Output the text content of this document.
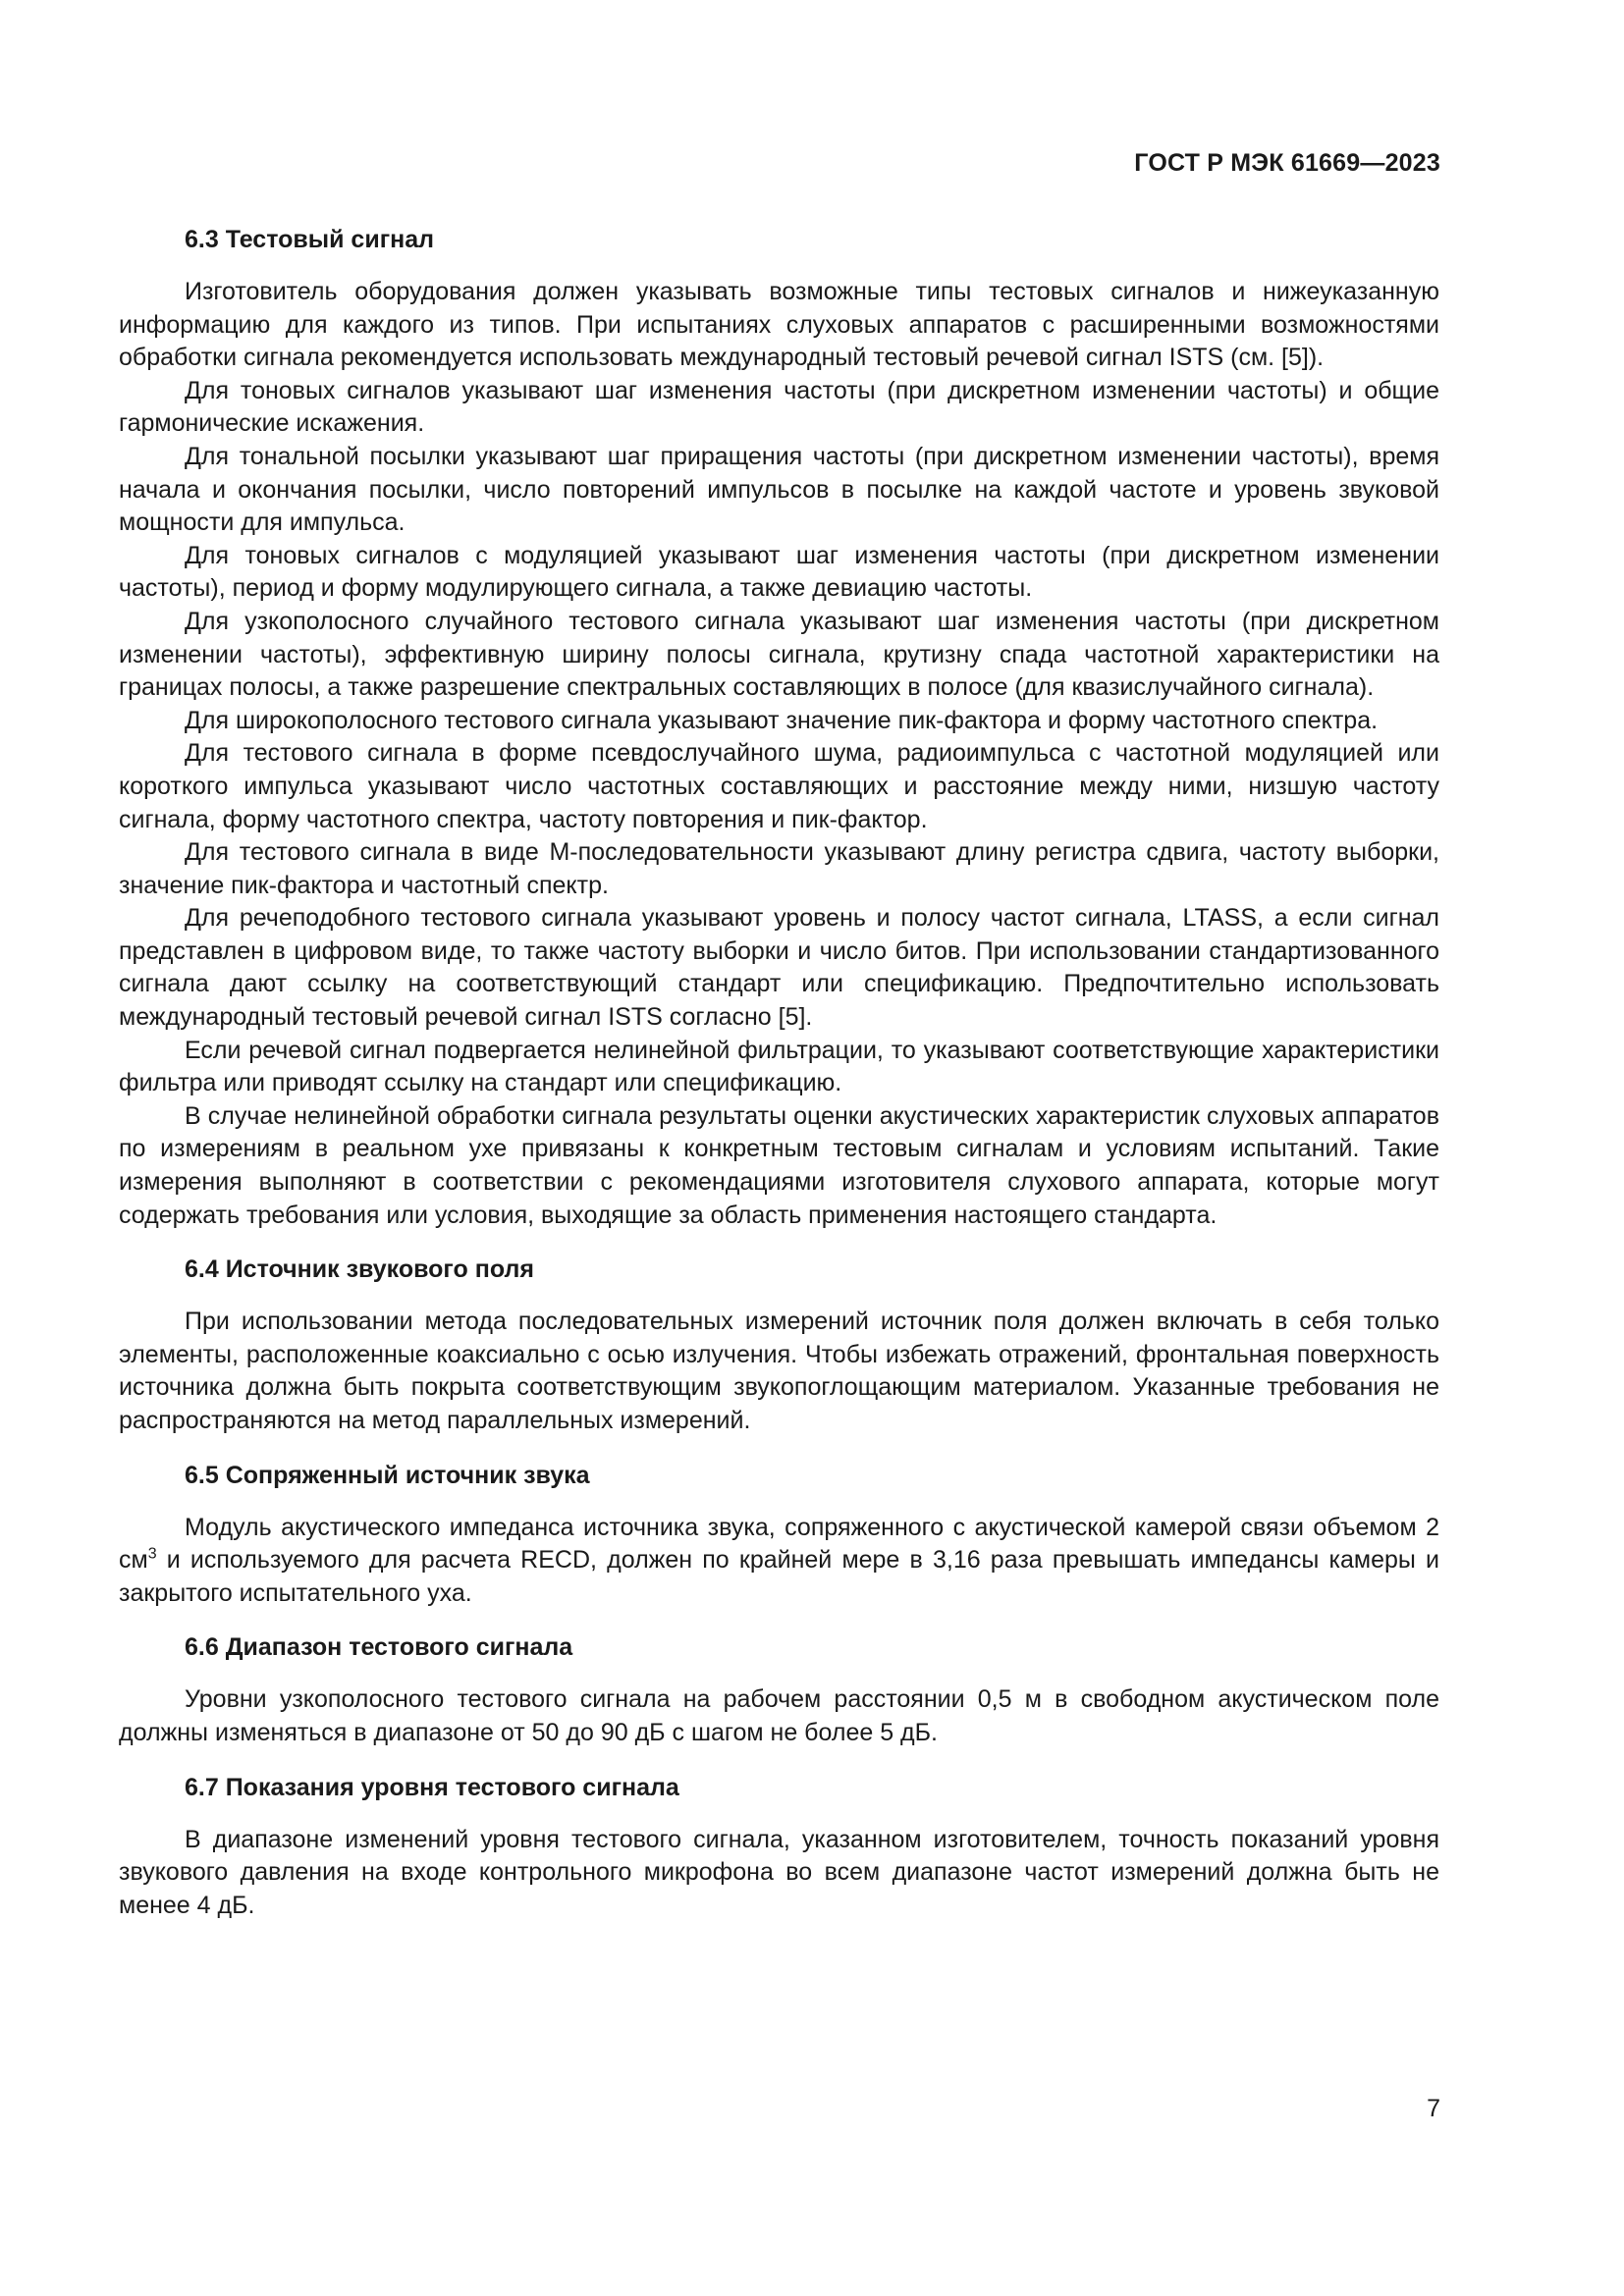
ГОСТ Р МЭК 61669—2023
6.3 Тестовый сигнал

Изготовитель оборудования должен указывать возможные типы тестовых сигналов и нижеуказанную информацию для каждого из типов. При испытаниях слуховых аппаратов с расширенными возможностями обработки сигнала рекомендуется использовать международный тестовый речевой сигнал ISTS (см. [5]).

Для тоновых сигналов указывают шаг изменения частоты (при дискретном изменении частоты) и общие гармонические искажения.

Для тональной посылки указывают шаг приращения частоты (при дискретном изменении частоты), время начала и окончания посылки, число повторений импульсов в посылке на каждой частоте и уровень звуковой мощности для импульса.

Для тоновых сигналов с модуляцией указывают шаг изменения частоты (при дискретном изменении частоты), период и форму модулирующего сигнала, а также девиацию частоты.

Для узкополосного случайного тестового сигнала указывают шаг изменения частоты (при дискретном изменении частоты), эффективную ширину полосы сигнала, крутизну спада частотной характеристики на границах полосы, а также разрешение спектральных составляющих в полосе (для квазислучайного сигнала).

Для широкополосного тестового сигнала указывают значение пик-фактора и форму частотного спектра.

Для тестового сигнала в форме псевдослучайного шума, радиоимпульса с частотной модуляцией или короткого импульса указывают число частотных составляющих и расстояние между ними, низшую частоту сигнала, форму частотного спектра, частоту повторения и пик-фактор.

Для тестового сигнала в виде М-последовательности указывают длину регистра сдвига, частоту выборки, значение пик-фактора и частотный спектр.

Для речеподобного тестового сигнала указывают уровень и полосу частот сигнала, LTASS, а если сигнал представлен в цифровом виде, то также частоту выборки и число битов. При использовании стандартизованного сигнала дают ссылку на соответствующий стандарт или спецификацию. Предпочтительно использовать международный тестовый речевой сигнал ISTS согласно [5].

Если речевой сигнал подвергается нелинейной фильтрации, то указывают соответствующие характеристики фильтра или приводят ссылку на стандарт или спецификацию.

В случае нелинейной обработки сигнала результаты оценки акустических характеристик слуховых аппаратов по измерениям в реальном ухе привязаны к конкретным тестовым сигналам и условиям испытаний. Такие измерения выполняют в соответствии с рекомендациями изготовителя слухового аппарата, которые могут содержать требования или условия, выходящие за область применения настоящего стандарта.

6.4 Источник звукового поля

При использовании метода последовательных измерений источник поля должен включать в себя только элементы, расположенные коаксиально с осью излучения. Чтобы избежать отражений, фронтальная поверхность источника должна быть покрыта соответствующим звукопоглощающим материалом. Указанные требования не распространяются на метод параллельных измерений.

6.5 Сопряженный источник звука

Модуль акустического импеданса источника звука, сопряженного с акустической камерой связи объемом 2 $см^3$ и используемого для расчета RECD, должен по крайней мере в 3,16 раза превышать импедансы камеры и закрытого испытательного уха.

6.6 Диапазон тестового сигнала

Уровни узкополосного тестового сигнала на рабочем расстоянии 0,5 м в свободном акустическом поле должны изменяться в диапазоне от 50 до 90 дБ с шагом не более 5 дБ.

6.7 Показания уровня тестового сигнала

В диапазоне изменений уровня тестового сигнала, указанном изготовителем, точность показаний уровня звукового давления на входе контрольного микрофона во всем диапазоне частот измерений должна быть не менее 4 дБ.

7
